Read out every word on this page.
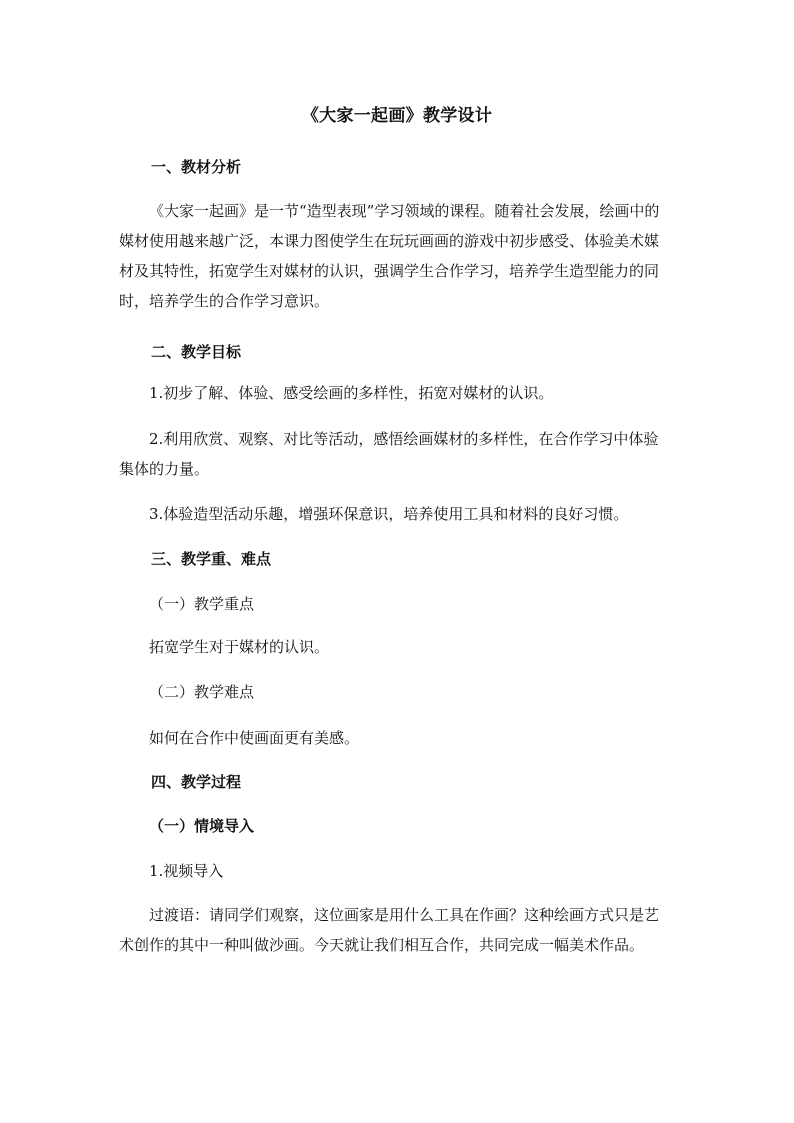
《大家一起画》教学设计
一、教材分析

《大家一起画》是一节“造型表现”学习领域的课程。随着社会发展，绘画中的媒材使用越来越广泛，本课力图使学生在玩玩画画的游戏中初步感受、体验美术媒材及其特性，拓宽学生对媒材的认识，强调学生合作学习，培养学生造型能力的同时，培养学生的合作学习意识。

二、教学目标

1.初步了解、体验、感受绘画的多样性，拓宽对媒材的认识。

2.利用欣赏、观察、对比等活动，感悟绘画媒材的多样性，在合作学习中体验集体的力量。

3.体验造型活动乐趣，增强环保意识，培养使用工具和材料的良好习惯。

三、教学重、难点
（一）教学重点
拓宽学生对于媒材的认识。
（二）教学难点
如何在合作中使画面更有美感。
四、教学过程
（一）情境导入
1.视频导入

过渡语：请同学们观察，这位画家是用什么工具在作画？这种绘画方式只是艺术创作的其中一种叫做沙画。今天就让我们相互合作，共同完成一幅美术作品。
